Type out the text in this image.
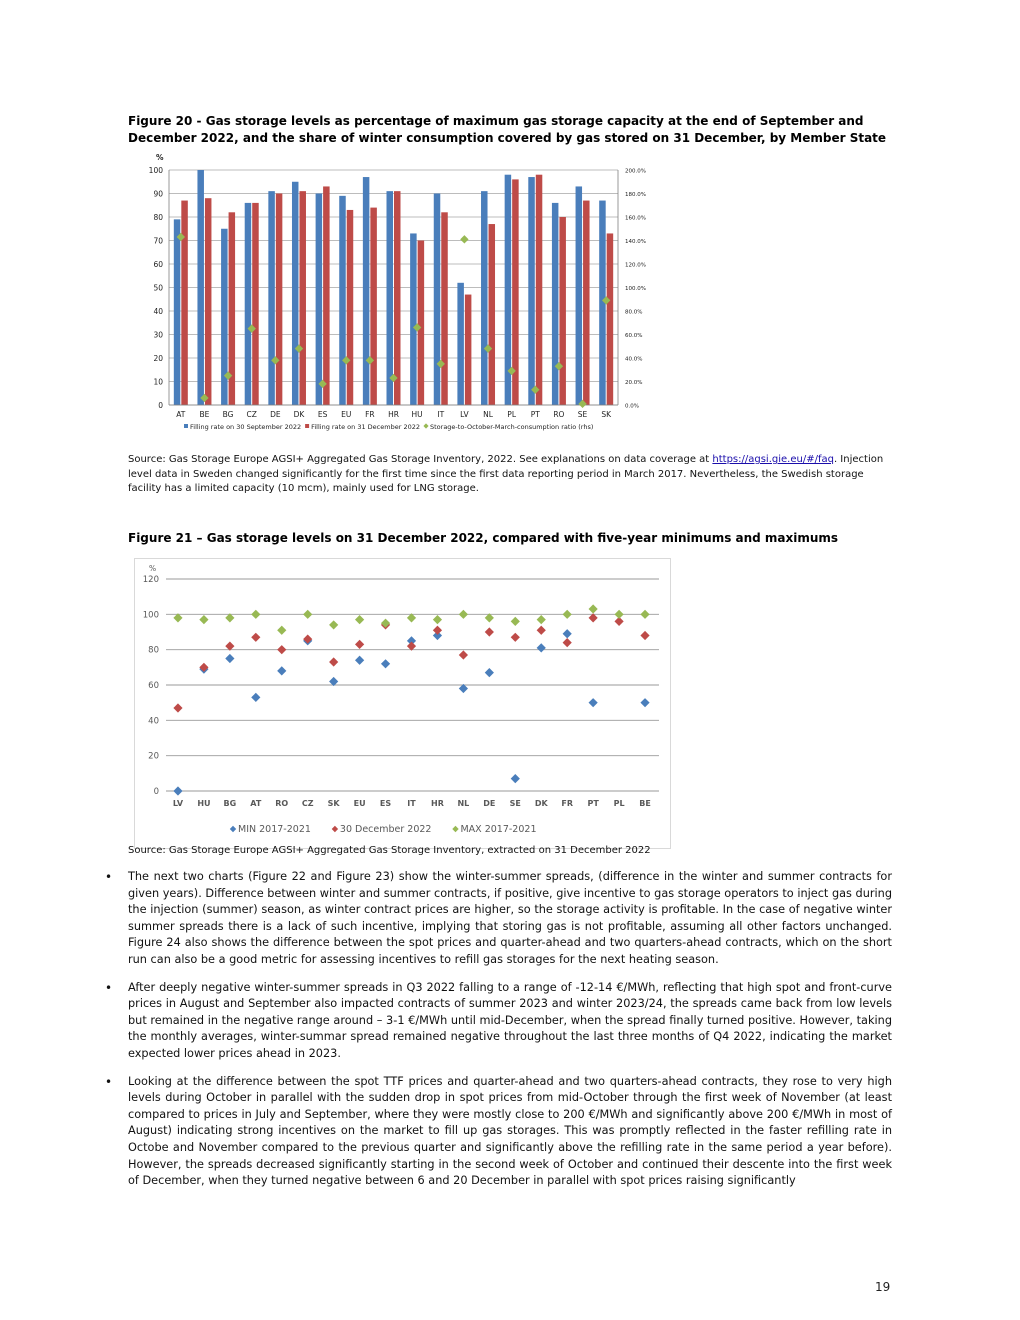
Figure 20 - Gas storage levels as percentage of maximum gas storage capacity at the end of September and December 2022, and the share of winter consumption covered by gas stored on 31 December, by Member State
0
10
20
30
40
50
60
70
80
90
100
0.0%
20.0%
40.0%
60.0%
80.0%
100.0%
120.0%
140.0%
160.0%
180.0%
200.0%
%
AT BE BG CZ DE DK ES EU FR HR HU IT LV NL PL PT RO SE SK
Filling rate on 30 September 2022 Filling rate on 31 December 2022 Storage-to-October-March-consumption ratio (rhs)
Source: Gas Storage Europe AGSI+ Aggregated Gas Storage Inventory, 2022. See explanations on data coverage at https://agsi.gie.eu/#/faq. Injection level data in Sweden changed significantly for the first time since the first data reporting period in March 2017. Nevertheless, the Swedish storage facility has a limited capacity (10 mcm), mainly used for LNG storage.
Figure 21 – Gas storage levels on 31 December 2022, compared with five-year minimums and maximums
0
20
40
60
80
100
120
%
LV HU BG AT RO CZ SK EU ES IT HR NL DE SE DK FR PT PL BE
MIN 2017-2021	30 December 2022	MAX 2017-2021
Source: Gas Storage Europe AGSI+ Aggregated Gas Storage Inventory, extracted on 31 December 2022
• The next two charts (Figure 22 and Figure 23) show the winter-summer spreads, (difference in the winter and summer contracts for given years). Difference between winter and summer contracts, if positive, give incentive to gas storage operators to inject gas during the injection (summer) season, as winter contract prices are higher, so the storage activity is profitable. In the case of negative winter summer spreads there is a lack of such incentive, implying that storing gas is not profitable, assuming all other factors unchanged. Figure 24 also shows the difference between the spot prices and quarter-ahead and two quarters-ahead contracts, which on the short run can also be a good metric for assessing incentives to refill gas storages for the next heating season.
• After deeply negative winter-summer spreads in Q3 2022 falling to a range of -12-14 €/MWh, reflecting that high spot and front-curve prices in August and September also impacted contracts of summer 2023 and winter 2023/24, the spreads came back from low levels but remained in the negative range around – 3-1 €/MWh until mid-December, when the spread finally turned positive. However, taking the monthly averages, winter-summar spread remained negative throughout the last three months of Q4 2022, indicating the market expected lower prices ahead in 2023.
• Looking at the difference between the spot TTF prices and quarter-ahead and two quarters-ahead contracts, they rose to very high levels during October in parallel with the sudden drop in spot prices from mid-October through the first week of November (at least compared to prices in July and September, where they were mostly close to 200 €/MWh and significantly above 200 €/MWh in most of August) indicating strong incentives on the market to fill up gas storages. This was promptly reflected in the faster refilling rate in Octobe and November compared to the previous quarter and significantly above the refilling rate in the same period a year before). However, the spreads decreased significantly starting in the second week of October and continued their descente into the first week of December, when they turned negative between 6 and 20 December in parallel with spot prices raising significantly
19
